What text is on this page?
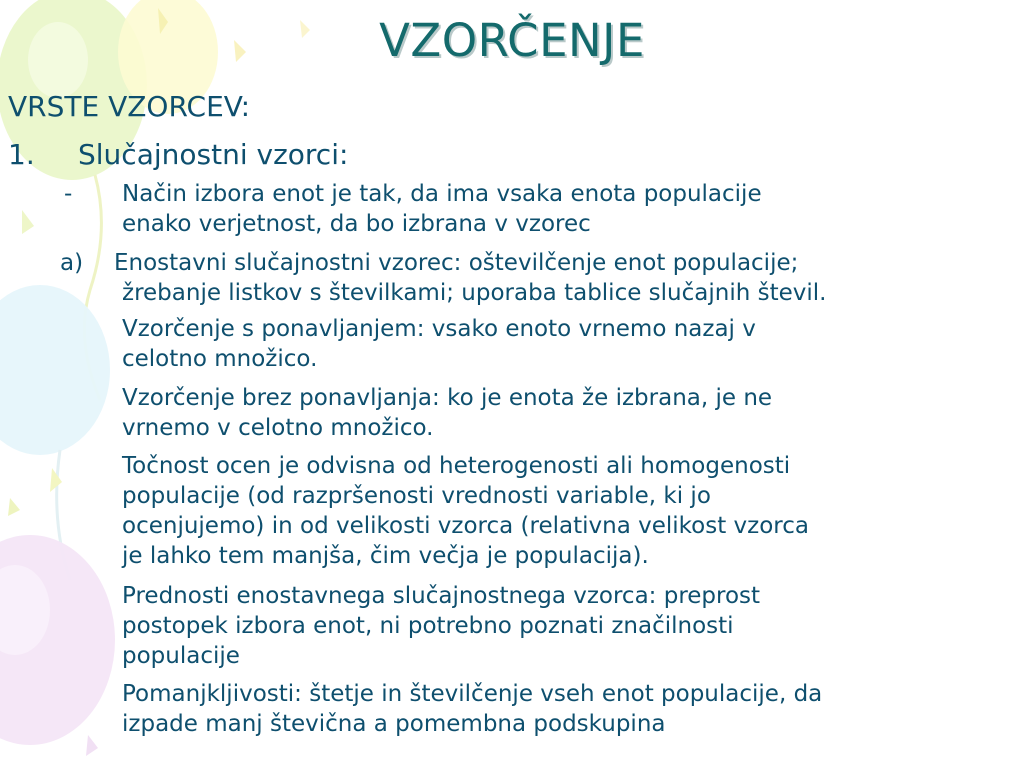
VZORČENJE
VRSTE VZORCEV:
1. Slučajnostni vzorci:
- Način izbora enot je tak, da ima vsaka enota populacije
enako verjetnost, da bo izbrana v vzorec
a) Enostavni slučajnostni vzorec: oštevilčenje enot populacije;
žrebanje listkov s številkami; uporaba tablice slučajnih števil.
Vzorčenje s ponavljanjem: vsako enoto vrnemo nazaj v
celotno množico.
Vzorčenje brez ponavljanja: ko je enota že izbrana, je ne
vrnemo v celotno množico.
Točnost ocen je odvisna od heterogenosti ali homogenosti
populacije (od razpršenosti vrednosti variable, ki jo
ocenjujemo) in od velikosti vzorca (relativna velikost vzorca
je lahko tem manjša, čim večja je populacija).
Prednosti enostavnega slučajnostnega vzorca: preprost
postopek izbora enot, ni potrebno poznati značilnosti
populacije
Pomanjkljivosti: štetje in številčenje vseh enot populacije, da
izpade manj števična a pomembna podskupina
